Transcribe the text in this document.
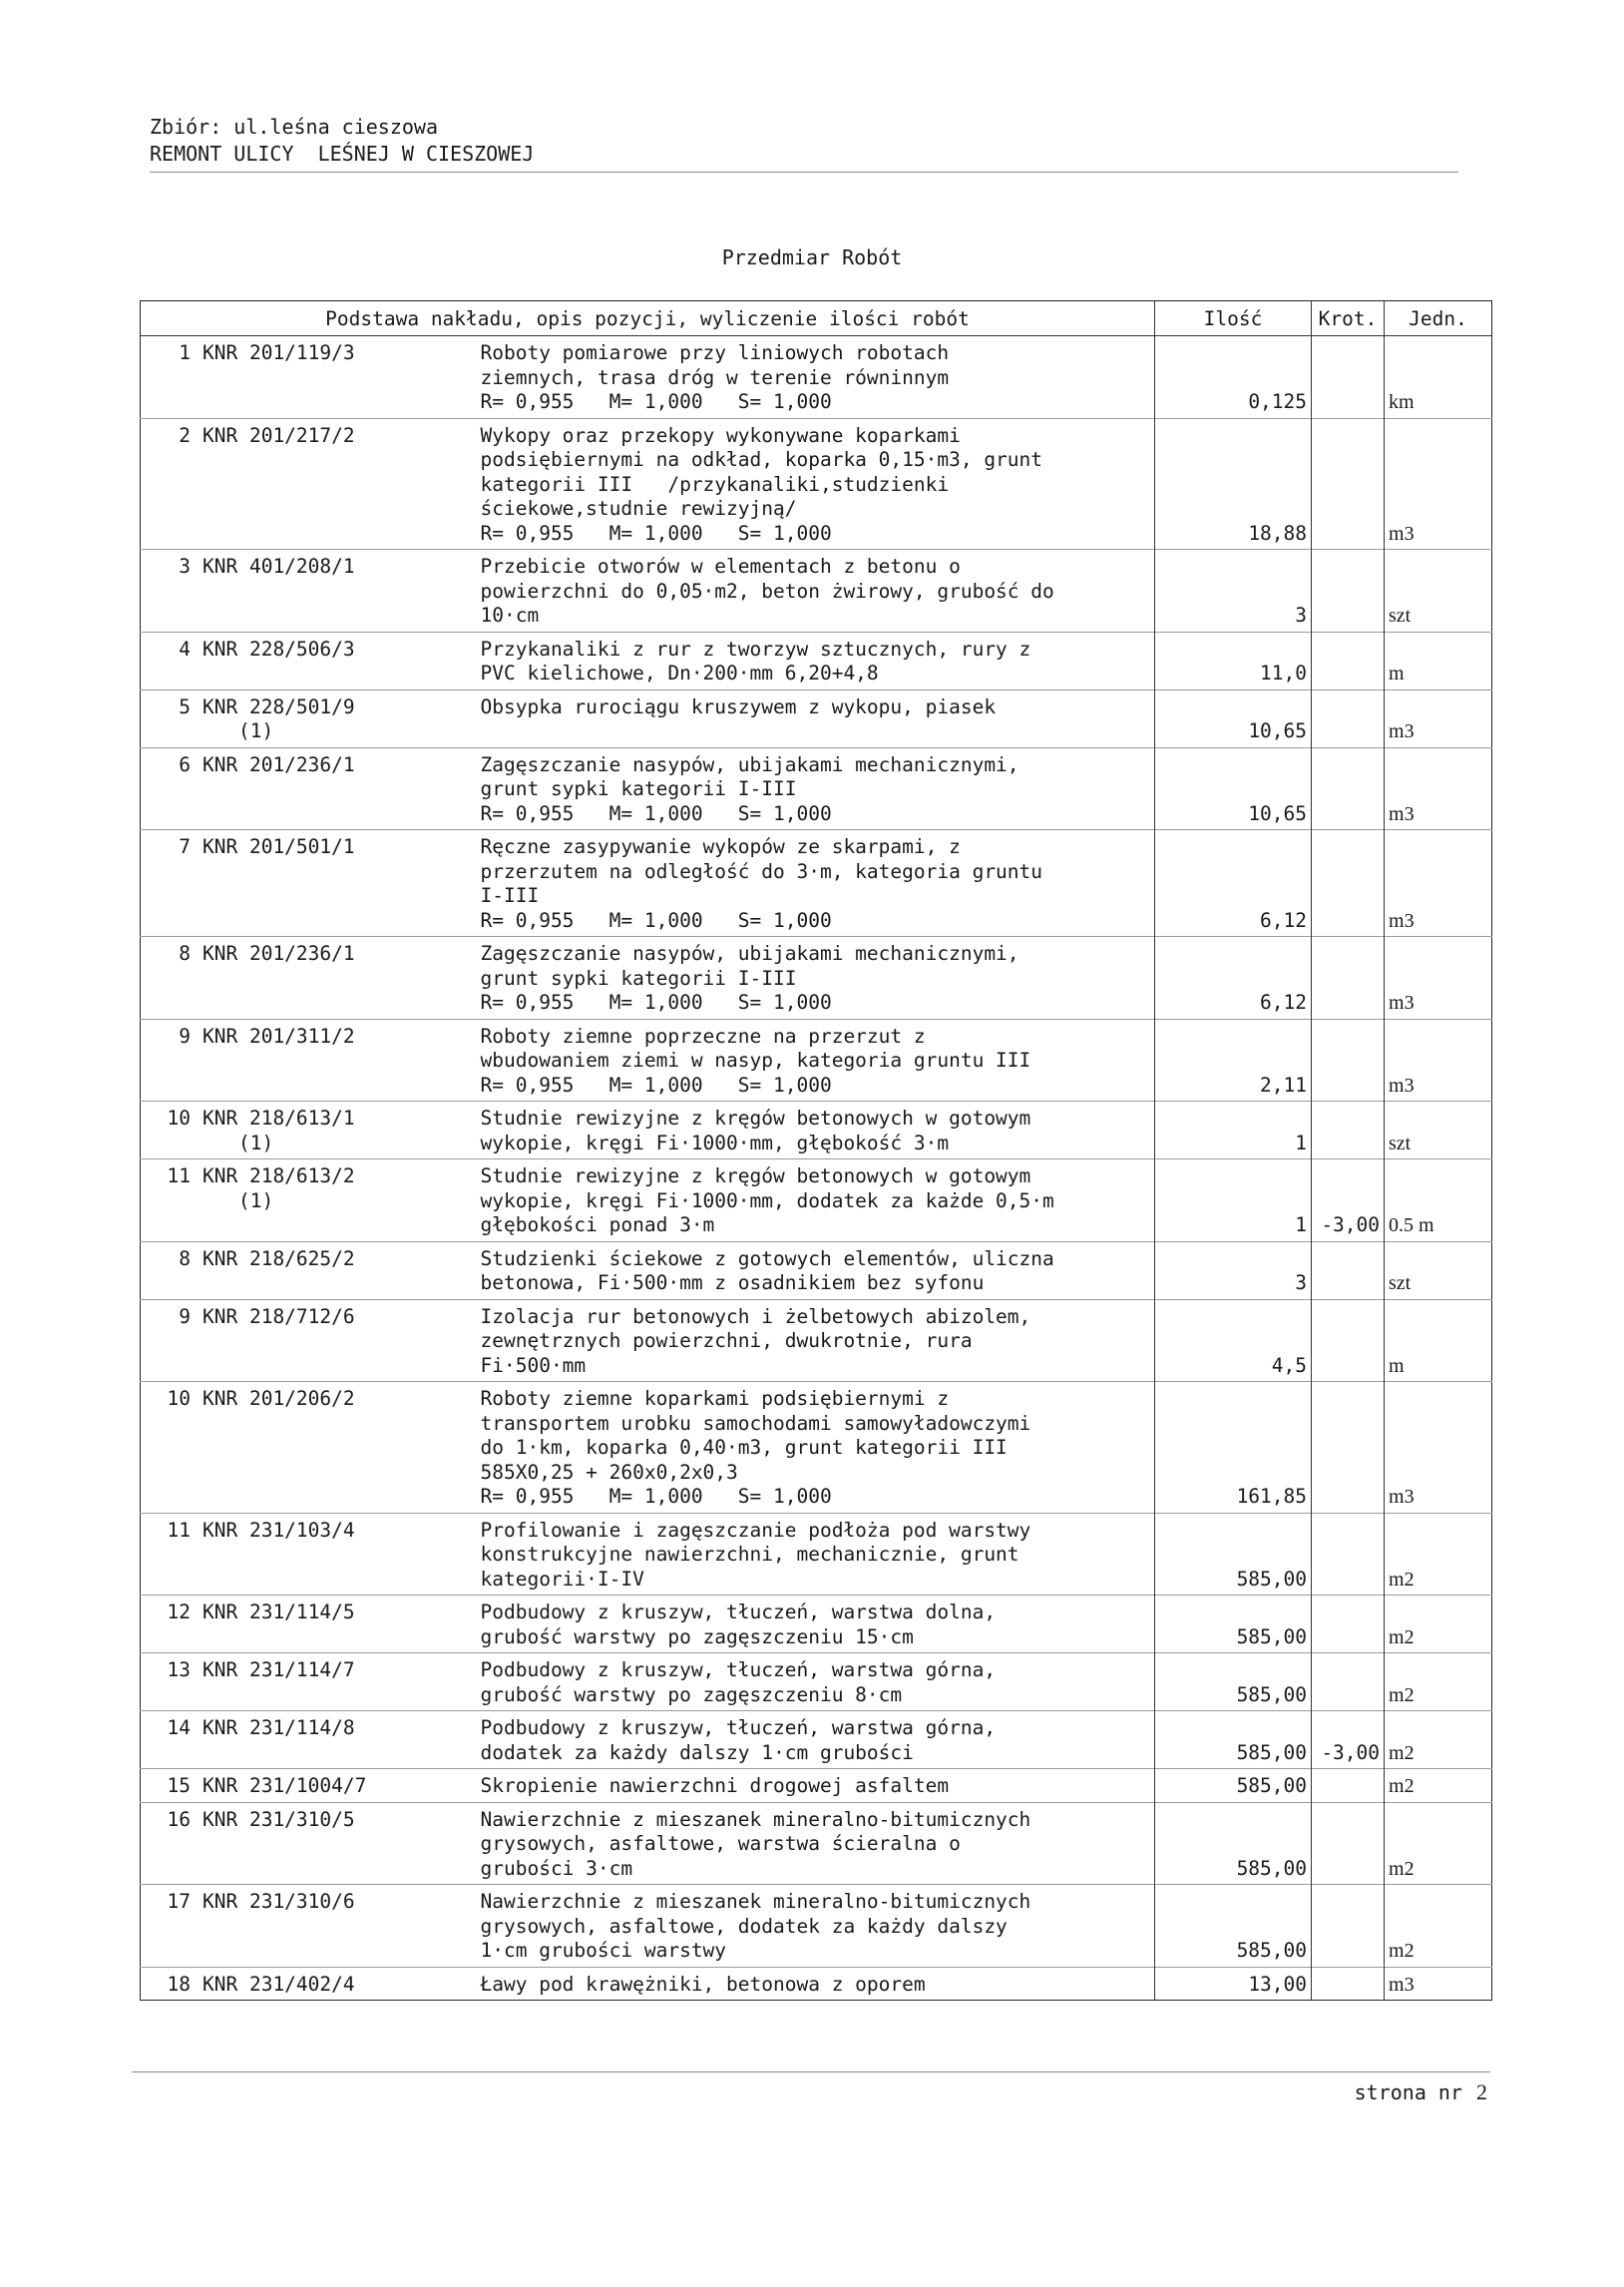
Zbiór: ul.leśna cieszowa
REMONT ULICY  LEŚNEJ W CIESZOWEJ
Przedmiar Robót
Podstawa nakładu, opis pozycji, wyliczenie ilości robót		Ilość	Krot.	Jedn.

1 KNR 201/119/3	Roboty pomiarowe przy liniowych robotach
ziemnych, trasa dróg w terenie równinnym
R= 0,955   M= 1,000   S= 1,000	0,125		km

2 KNR 201/217/2	Wykopy oraz przekopy wykonywane koparkami
podsiębiernymi na odkład, koparka 0,15·m3, grunt
kategorii III   /przykanaliki,studzienki
ściekowe,studnie rewizyjną/
R= 0,955   M= 1,000   S= 1,000	18,88		m3

3 KNR 401/208/1	Przebicie otworów w elementach z betonu o
powierzchni do 0,05·m2, beton żwirowy, grubość do
10·cm	3		szt

4 KNR 228/506/3	Przykanaliki z rur z tworzyw sztucznych, rury z
PVC kielichowe, Dn·200·mm 6,20+4,8	11,0		m

5 KNR 228/501/9
(1)	Obsypka rurociągu kruszywem z wykopu, piasek	10,65		m3

6 KNR 201/236/1	Zagęszczanie nasypów, ubijakami mechanicznymi,
grunt sypki kategorii I-III
R= 0,955   M= 1,000   S= 1,000	10,65		m3

7 KNR 201/501/1	Ręczne zasypywanie wykopów ze skarpami, z
przerzutem na odległość do 3·m, kategoria gruntu
I-III
R= 0,955   M= 1,000   S= 1,000	6,12		m3

8 KNR 201/236/1	Zagęszczanie nasypów, ubijakami mechanicznymi,
grunt sypki kategorii I-III
R= 0,955   M= 1,000   S= 1,000	6,12		m3

9 KNR 201/311/2	Roboty ziemne poprzeczne na przerzut z
wbudowaniem ziemi w nasyp, kategoria gruntu III
R= 0,955   M= 1,000   S= 1,000	2,11		m3

10 KNR 218/613/1
(1)	Studnie rewizyjne z kręgów betonowych w gotowym
wykopie, kręgi Fi·1000·mm, głębokość 3·m	1		szt

11 KNR 218/613/2
(1)	Studnie rewizyjne z kręgów betonowych w gotowym
wykopie, kręgi Fi·1000·mm, dodatek za każde 0,5·m
głębokości ponad 3·m	1	-3,00	0.5 m

8 KNR 218/625/2	Studzienki ściekowe z gotowych elementów, uliczna
betonowa, Fi·500·mm z osadnikiem bez syfonu	3		szt

9 KNR 218/712/6	Izolacja rur betonowych i żelbetowych abizolem,
zewnętrznych powierzchni, dwukrotnie, rura
Fi·500·mm	4,5		m

10 KNR 201/206/2	Roboty ziemne koparkami podsiębiernymi z
transportem urobku samochodami samowyładowczymi
do 1·km, koparka 0,40·m3, grunt kategorii III
585X0,25 + 260x0,2x0,3
R= 0,955   M= 1,000   S= 1,000	161,85		m3

11 KNR 231/103/4	Profilowanie i zagęszczanie podłoża pod warstwy
konstrukcyjne nawierzchni, mechanicznie, grunt
kategorii·I-IV	585,00		m2

12 KNR 231/114/5	Podbudowy z kruszyw, tłuczeń, warstwa dolna,
grubość warstwy po zagęszczeniu 15·cm	585,00		m2

13 KNR 231/114/7	Podbudowy z kruszyw, tłuczeń, warstwa górna,
grubość warstwy po zagęszczeniu 8·cm	585,00		m2

14 KNR 231/114/8	Podbudowy z kruszyw, tłuczeń, warstwa górna,
dodatek za każdy dalszy 1·cm grubości	585,00	-3,00	m2

15 KNR 231/1004/7	Skropienie nawierzchni drogowej asfaltem	585,00		m2

16 KNR 231/310/5	Nawierzchnie z mieszanek mineralno-bitumicznych
grysowych, asfaltowe, warstwa ścieralna o
grubości 3·cm	585,00		m2

17 KNR 231/310/6	Nawierzchnie z mieszanek mineralno-bitumicznych
grysowych, asfaltowe, dodatek za każdy dalszy
1·cm grubości warstwy	585,00		m2

18 KNR 231/402/4	Ławy pod krawężniki, betonowa z oporem	13,00		m3
strona nr 2
